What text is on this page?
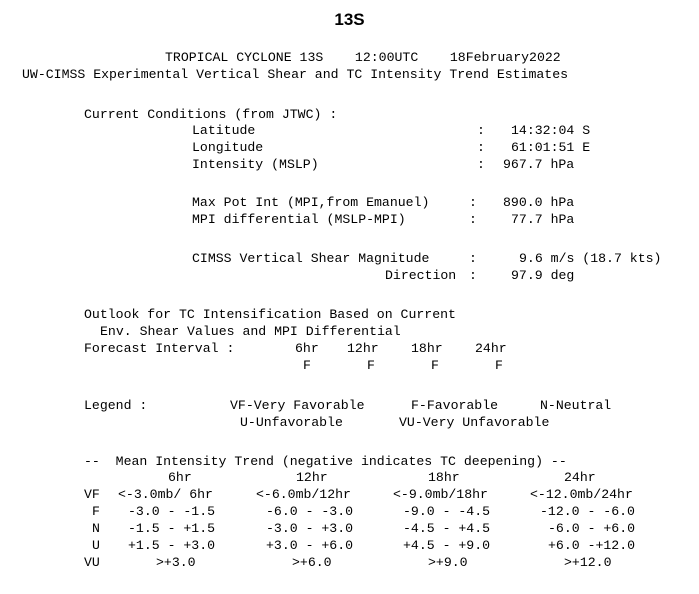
13S
TROPICAL CYCLONE 13S    12:00UTC    18February2022
UW-CIMSS Experimental Vertical Shear and TC Intensity Trend Estimates
Current Conditions (from JTWC) :
Latitude	: 14:32:04 S
Longitude	: 61:01:51 E
Intensity (MSLP)	: 967.7 hPa
Max Pot Int (MPI,from Emanuel)	: 890.0 hPa
MPI differential (MSLP-MPI)	:	77.7 hPa
CIMSS Vertical Shear Magnitude	:	9.6 m/s (18.7 kts)
Direction :	97.9 deg
Outlook for TC Intensification Based on Current
Env. Shear Values and MPI Differential
Forecast Interval :	6hr 12hr 18hr 24hr
F	F	F	F
Legend :	VF-Very Favorable	F-Favorable	N-Neutral
U-Unfavorable	VU-Very Unfavorable
--  Mean Intensity Trend (negative indicates TC deepening) --
6hr	12hr	18hr	24hr
VF <-3.0mb/ 6hr	<-6.0mb/12hr	<-9.0mb/18hr	<-12.0mb/24hr
F -3.0 - -1.5	-6.0 - -3.0	-9.0 - -4.5	-12.0 - -6.0
N -1.5 - +1.5	-3.0 - +3.0	-4.5 - +4.5	-6.0 - +6.0
U +1.5 - +3.0	+3.0 - +6.0	+4.5 - +9.0	+6.0 -+12.0
VU	>+3.0	>+6.0	>+9.0	>+12.0
